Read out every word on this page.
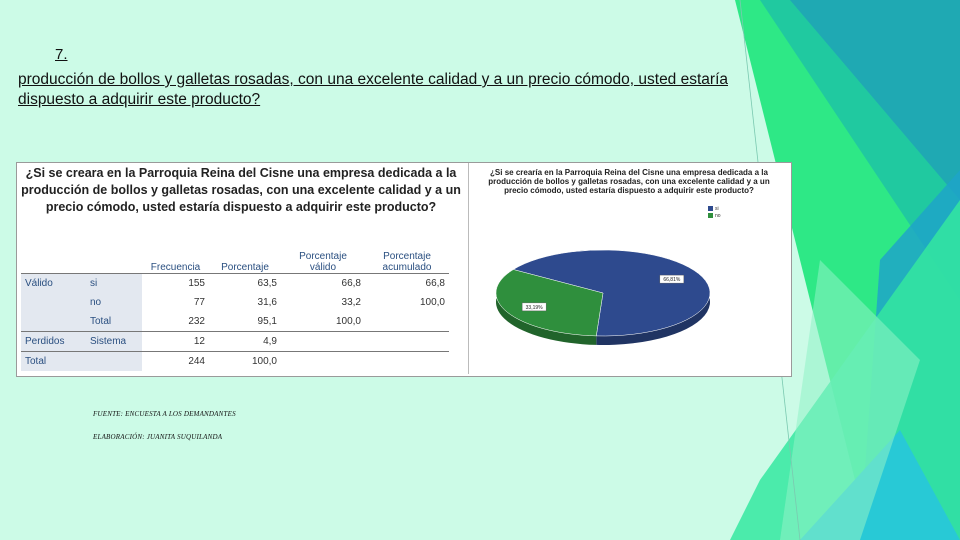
7.
producción de bollos y galletas rosadas, con una excelente calidad y a un precio cómodo, usted estaría dispuesto a adquirir este producto?
¿Si se creara en la Parroquia Reina del Cisne una empresa dedicada a la producción de bollos y galletas rosadas, con una excelente calidad y a un precio cómodo, usted estaría dispuesto a adquirir este producto?
		Frecuencia	Porcentaje	Porcentaje válido	Porcentaje acumulado
Válido	si	155	63,5	66,8	66,8
	no	77	31,6	33,2	100,0
	Total	232	95,1	100,0	
Perdidos	Sistema	12	4,9		
Total		244	100,0		
¿Si se crearía en la Parroquia Reina del Cisne una empresa dedicada a la producción de bollos y galletas rosadas, con una excelente calidad y a un precio cómodo, usted estaría dispuesto a adquirir este producto?
si
no
66,81%
33,19%
FUENTE: ENCUESTA A LOS DEMANDANTES
ELABORACIÓN: JUANITA SUQUILANDA
